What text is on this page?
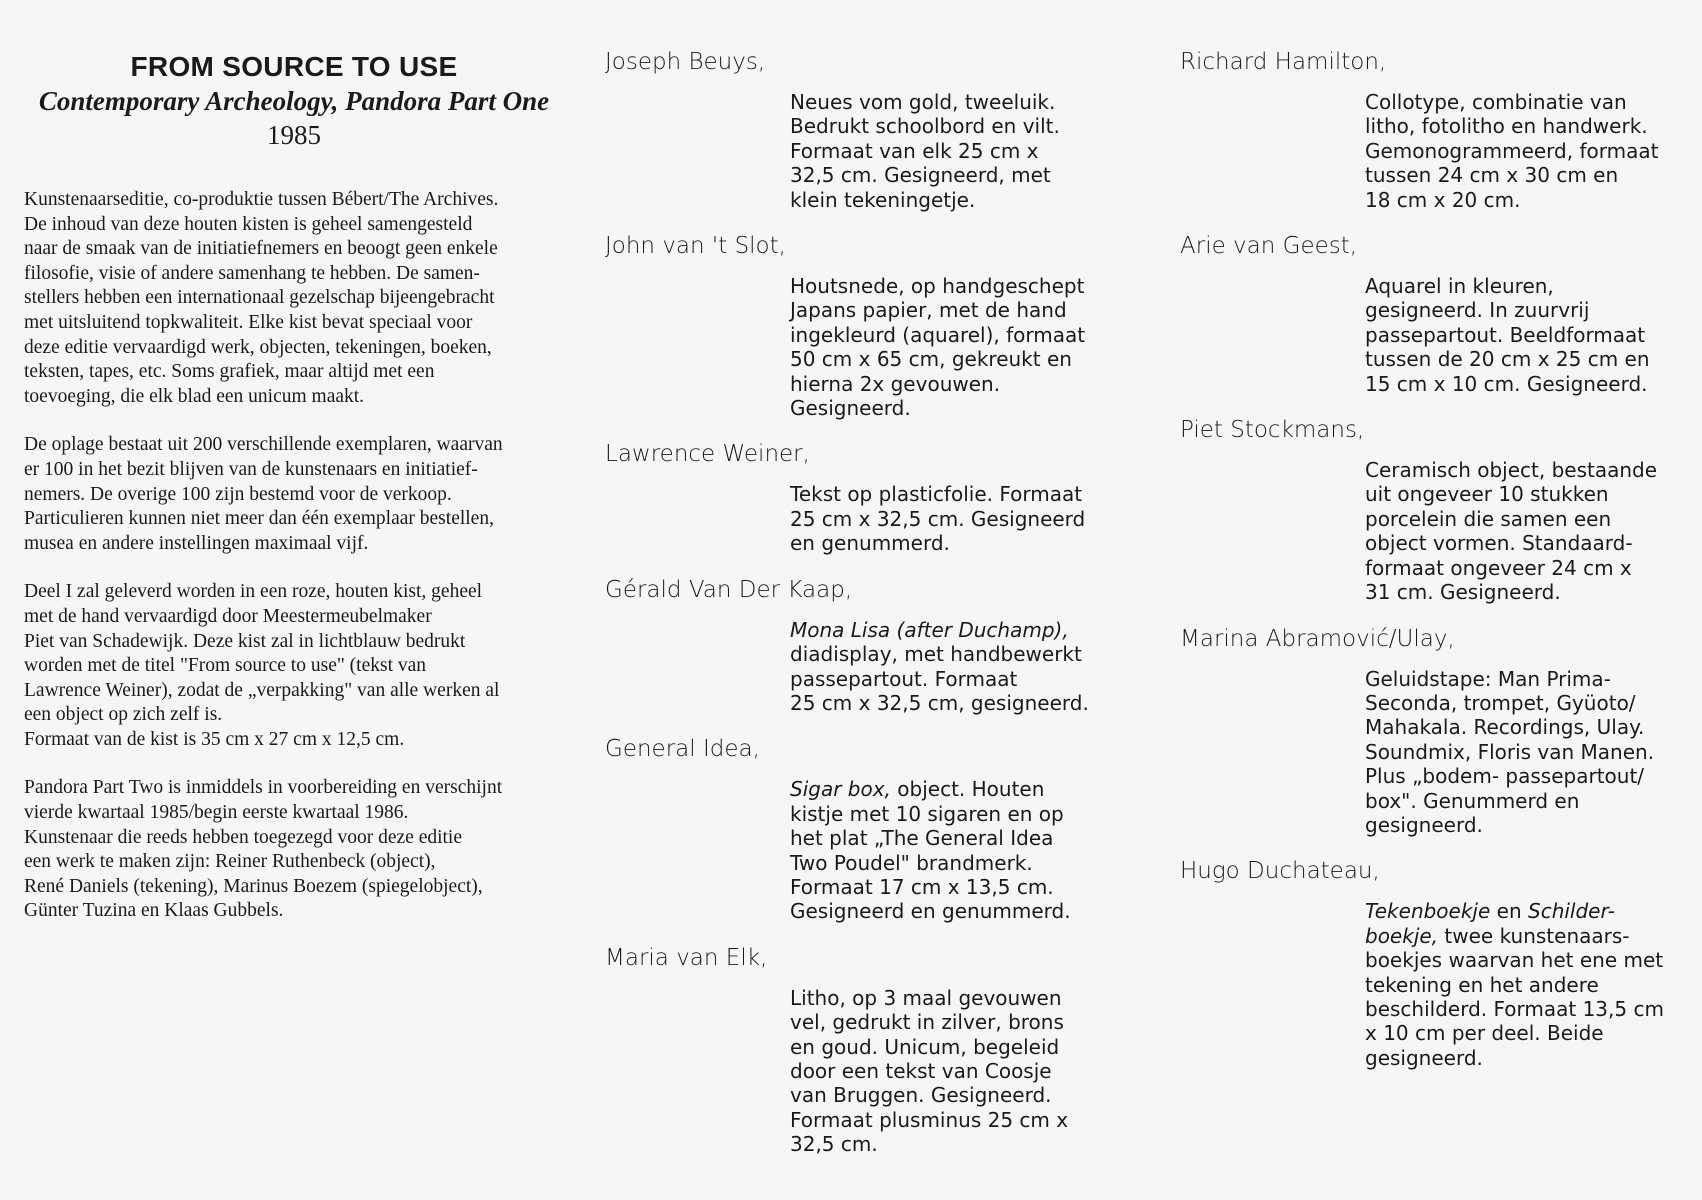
FROM SOURCE TO USE
Contemporary Archeology, Pandora Part One
1985

Kunstenaarseditie, co-produktie tussen Bébert/The Archives.
De inhoud van deze houten kisten is geheel samengesteld
naar de smaak van de initiatiefnemers en beoogt geen enkele
filosofie, visie of andere samenhang te hebben. De samen-
stellers hebben een internationaal gezelschap bijeengebracht
met uitsluitend topkwaliteit. Elke kist bevat speciaal voor
deze editie vervaardigd werk, objecten, tekeningen, boeken,
teksten, tapes, etc. Soms grafiek, maar altijd met een
toevoeging, die elk blad een unicum maakt.

De oplage bestaat uit 200 verschillende exemplaren, waarvan
er 100 in het bezit blijven van de kunstenaars en initiatief-
nemers. De overige 100 zijn bestemd voor de verkoop.
Particulieren kunnen niet meer dan één exemplaar bestellen,
musea en andere instellingen maximaal vijf.

Deel I zal geleverd worden in een roze, houten kist, geheel
met de hand vervaardigd door Meestermeubelmaker
Piet van Schadewijk. Deze kist zal in lichtblauw bedrukt
worden met de titel "From source to use" (tekst van
Lawrence Weiner), zodat de „verpakking" van alle werken al
een object op zich zelf is.
Formaat van de kist is 35 cm x 27 cm x 12,5 cm.

Pandora Part Two is inmiddels in voorbereiding en verschijnt
vierde kwartaal 1985/begin eerste kwartaal 1986.
Kunstenaar die reeds hebben toegezegd voor deze editie
een werk te maken zijn: Reiner Ruthenbeck (object),
René Daniels (tekening), Marinus Boezem (spiegelobject),
Günter Tuzina en Klaas Gubbels.

Joseph Beuys,
Neues vom gold, tweeluik.
Bedrukt schoolbord en vilt.
Formaat van elk 25 cm x
32,5 cm. Gesigneerd, met
klein tekeningetje.
John van 't Slot,
Houtsnede, op handgeschept
Japans papier, met de hand
ingekleurd (aquarel), formaat
50 cm x 65 cm, gekreukt en
hierna 2x gevouwen.
Gesigneerd.
Lawrence Weiner,
Tekst op plasticfolie. Formaat
25 cm x 32,5 cm. Gesigneerd
en genummerd.
Gérald Van Der Kaap,
Mona Lisa (after Duchamp),
diadisplay, met handbewerkt
passepartout. Formaat
25 cm x 32,5 cm, gesigneerd.
General Idea,
Sigar box, object. Houten
kistje met 10 sigaren en op
het plat „The General Idea
Two Poudel" brandmerk.
Formaat 17 cm x 13,5 cm.
Gesigneerd en genummerd.
Maria van Elk,
Litho, op 3 maal gevouwen
vel, gedrukt in zilver, brons
en goud. Unicum, begeleid
door een tekst van Coosje
van Bruggen. Gesigneerd.
Formaat plusminus 25 cm x
32,5 cm.
Richard Hamilton,
Collotype, combinatie van
litho, fotolitho en handwerk.
Gemonogrammeerd, formaat
tussen 24 cm x 30 cm en
18 cm x 20 cm.
Arie van Geest,
Aquarel in kleuren,
gesigneerd. In zuurvrij
passepartout. Beeldformaat
tussen de 20 cm x 25 cm en
15 cm x 10 cm. Gesigneerd.
Piet Stockmans,
Ceramisch object, bestaande
uit ongeveer 10 stukken
porcelein die samen een
object vormen. Standaard-
formaat ongeveer 24 cm x
31 cm. Gesigneerd.
Marina Abramović/Ulay,
Geluidstape: Man Prima-
Seconda, trompet, Gyüoto/
Mahakala. Recordings, Ulay.
Soundmix, Floris van Manen.
Plus „bodem- passepartout/
box". Genummerd en
gesigneerd.
Hugo Duchateau,
Tekenboekje en Schilder-
boekje, twee kunstenaars-
boekjes waarvan het ene met
tekening en het andere
beschilderd. Formaat 13,5 cm
x 10 cm per deel. Beide
gesigneerd.
